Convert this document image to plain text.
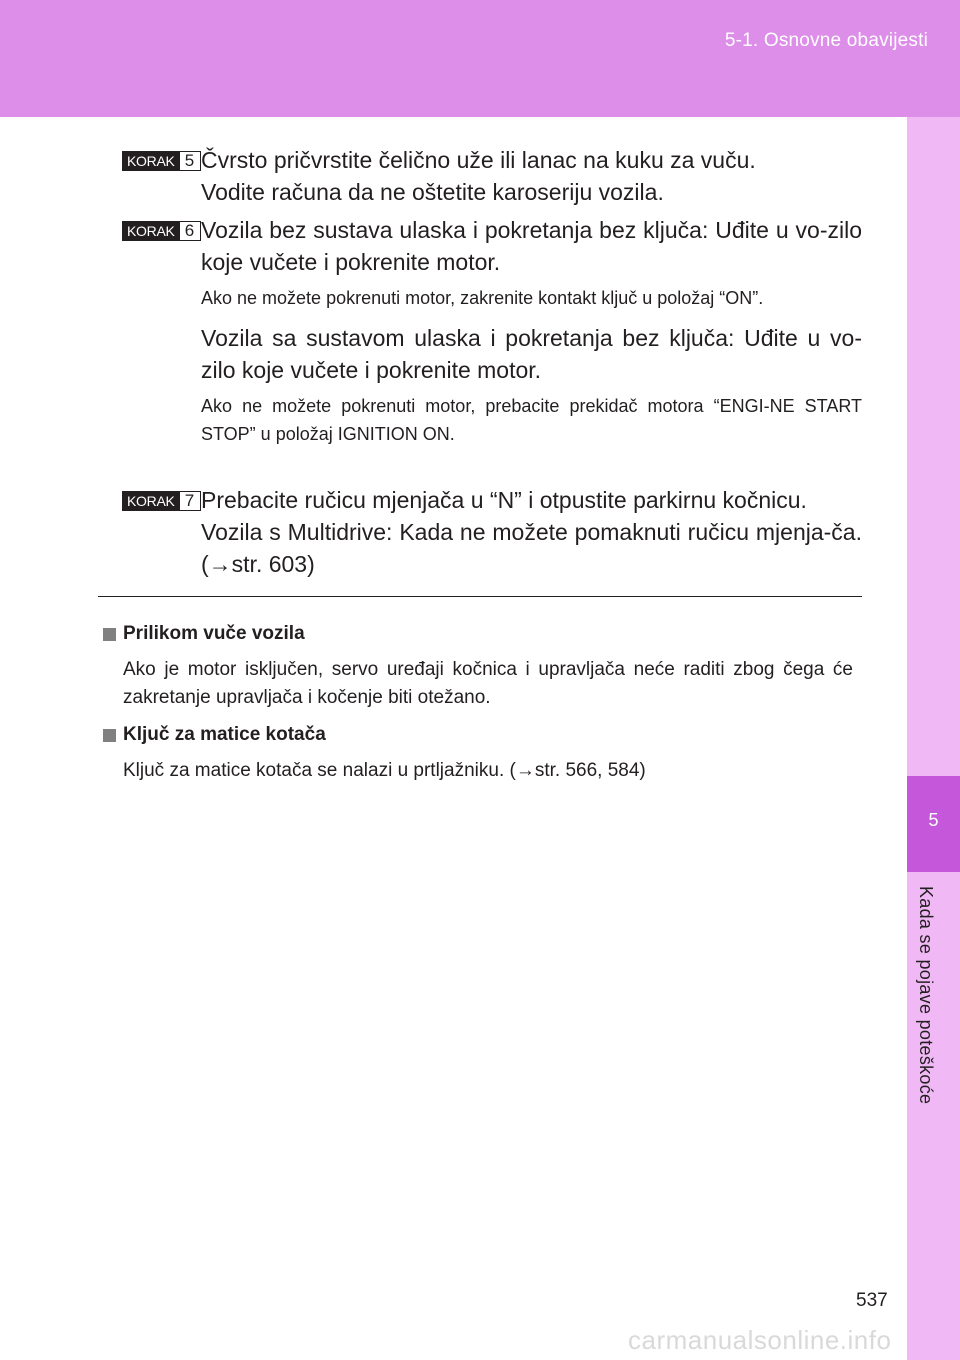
5-1. Osnovne obavijesti
5
Kada se pojave poteškoće
KORAK 5 Čvrsto pričvrstite čelično uže ili lanac na kuku za vuču.
Vodite računa da ne oštetite karoseriju vozila.
KORAK 6 Vozila bez sustava ulaska i pokretanja bez ključa: Uđite u vo-zilo koje vučete i pokrenite motor.
Ako ne možete pokrenuti motor, zakrenite kontakt ključ u položaj “ON”.
Vozila sa sustavom ulaska i pokretanja bez ključa: Uđite u vo-zilo koje vučete i pokrenite motor.
Ako ne možete pokrenuti motor, prebacite prekidač motora “ENGI-NE START STOP” u položaj IGNITION ON.
KORAK 7 Prebacite ručicu mjenjača u “N” i otpustite parkirnu kočnicu.
Vozila s Multidrive: Kada ne možete pomaknuti ručicu mjenja-ča. (→str. 603)
Prilikom vuče vozila
Ako je motor isključen, servo uređaji kočnica i upravljača neće raditi zbog čega će zakretanje upravljača i kočenje biti otežano.
Ključ za matice kotača
Ključ za matice kotača se nalazi u prtljažniku. (→str. 566, 584)
537
carmanualsonline.info
